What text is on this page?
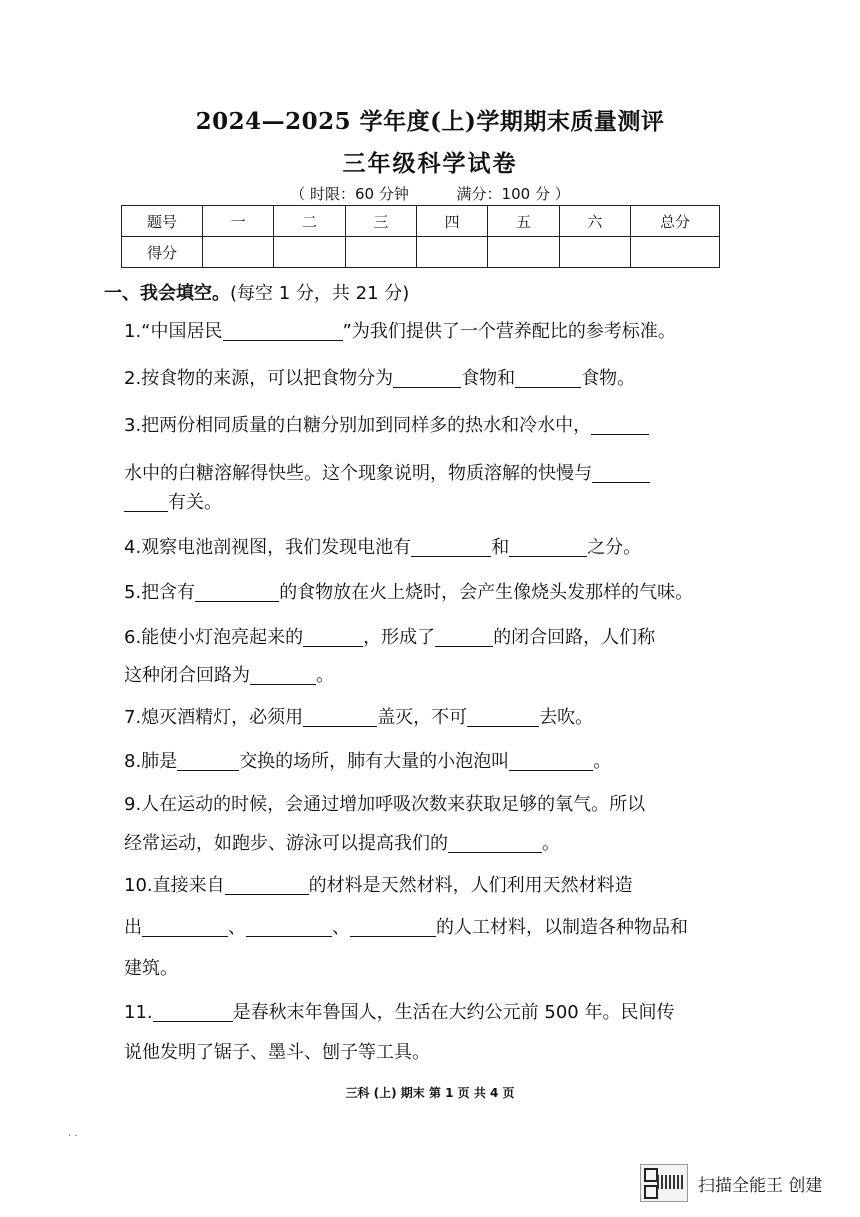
2024—2025 学年度(上)学期期末质量测评
三年级科学试卷
（ 时限：60 分钟          满分：100 分 ）
题号	一	二	三	四	五	六	总分
得分							
一、我会填空。(每空 1 分，共 21 分)
1.“中国居民	”为我们提供了一个营养配比的参考标准。
2.按食物的来源，可以把食物分为	食物和	食物。
3.把两份相同质量的白糖分别加到同样多的热水和冷水中，
水中的白糖溶解得快些。这个现象说明，物质溶解的快慢与
有关。
4.观察电池剖视图，我们发现电池有	和	之分。
5.把含有	的食物放在火上烧时，会产生像烧头发那样的气味。
6.能使小灯泡亮起来的	，形成了	的闭合回路，人们称
这种闭合回路为	。
7.熄灭酒精灯，必须用	盖灭，不可	去吹。
8.肺是	交换的场所，肺有大量的小泡泡叫	。
9.人在运动的时候，会通过增加呼吸次数来获取足够的氧气。所以
经常运动，如跑步、游泳可以提高我们的	。
10.直接来自	的材料是天然材料，人们利用天然材料造
出	、	、	的人工材料，以制造各种物品和
建筑。
11.	是春秋末年鲁国人，生活在大约公元前 500 年。民间传
说他发明了锯子、墨斗、刨子等工具。
三科 (上) 期末 第 1 页 共 4 页
. .
扫描全能王 创建
